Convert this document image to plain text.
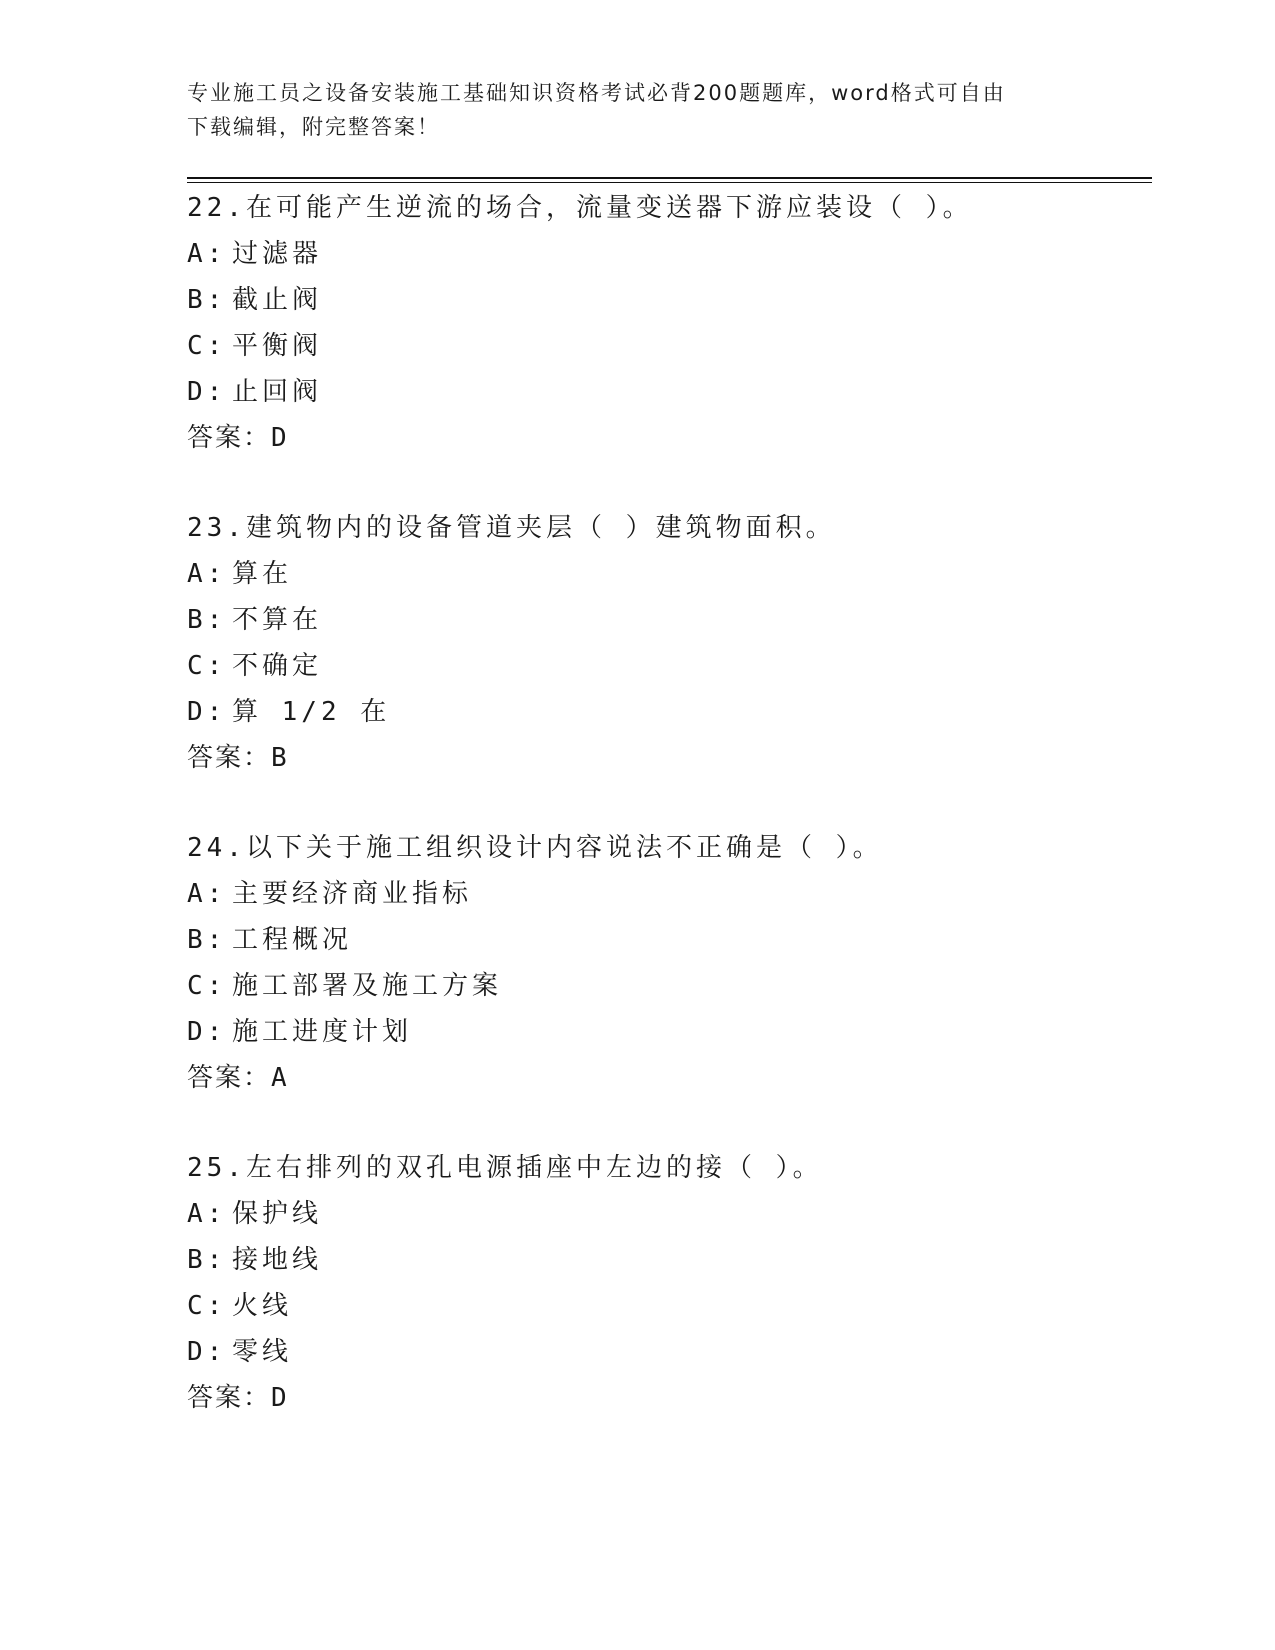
专业施工员之设备安装施工基础知识资格考试必背200题题库，word格式可自由
下载编辑，附完整答案！
22.在可能产生逆流的场合，流量变送器下游应装设（ ）。
A: 过滤器
B: 截止阀
C: 平衡阀
D: 止回阀
答案：D
23.建筑物内的设备管道夹层（ ）建筑物面积。
A: 算在
B: 不算在
C: 不确定
D: 算 1/2 在
答案：B
24.以下关于施工组织设计内容说法不正确是（ ）。
A: 主要经济商业指标
B: 工程概况
C: 施工部署及施工方案
D: 施工进度计划
答案：A
25.左右排列的双孔电源插座中左边的接（ ）。
A: 保护线
B: 接地线
C: 火线
D: 零线
答案：D
